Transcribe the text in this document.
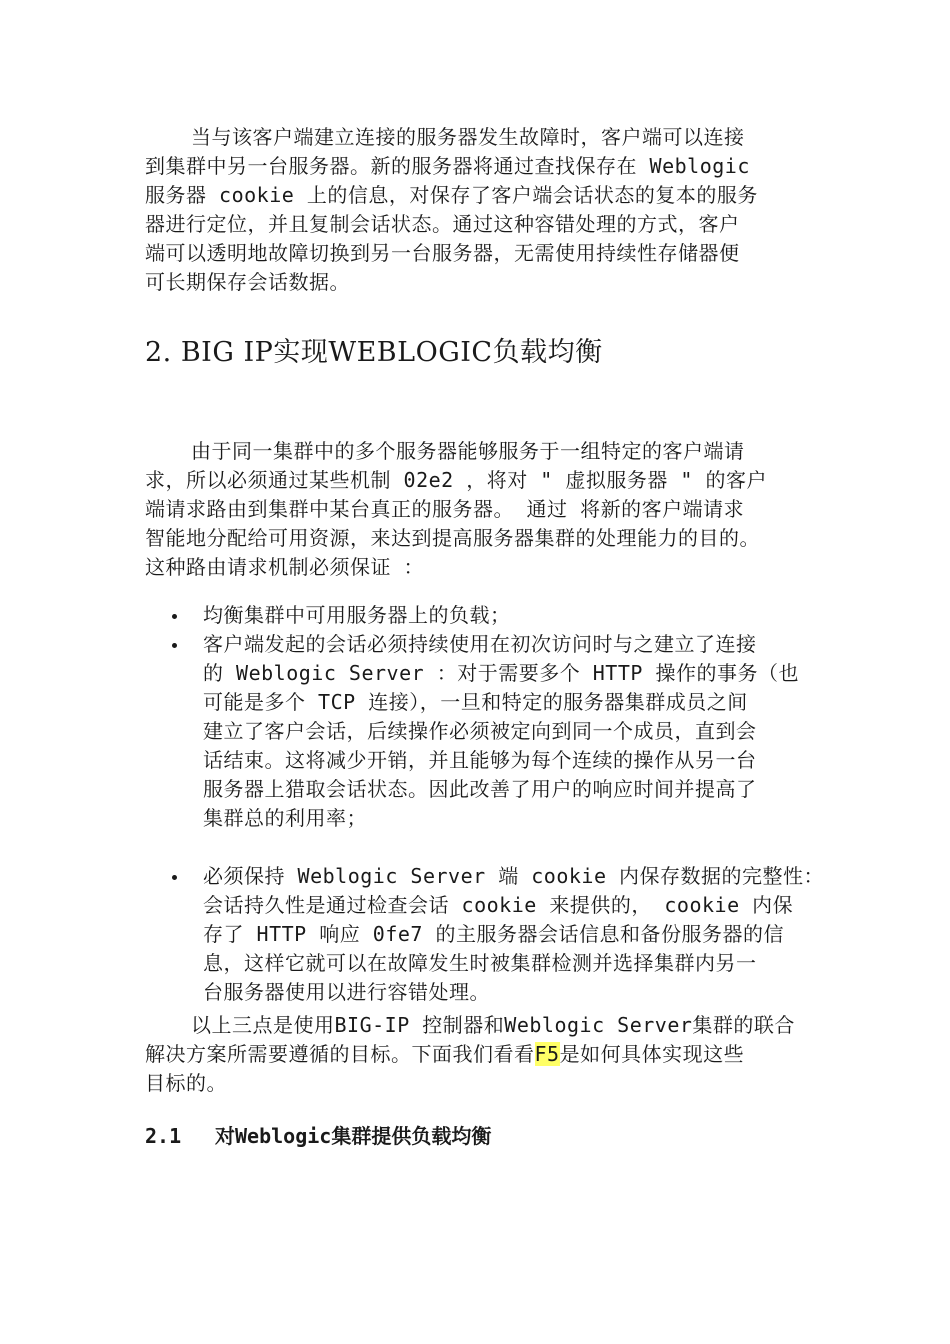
当与该客户端建立连接的服务器发生故障时，客户端可以连接
到集群中另一台服务器。新的服务器将通过查找保存在 Weblogic
服务器 cookie 上的信息，对保存了客户端会话状态的复本的服务
器进行定位，并且复制会话状态。通过这种容错处理的方式，客户
端可以透明地故障切换到另一台服务器，无需使用持续性存储器便
可长期保存会话数据。
2. BIG IP实现WEBLOGIC负载均衡
由于同一集群中的多个服务器能够服务于一组特定的客户端请
求，所以必须通过某些机制 02e2 ，将对 " 虚拟服务器 " 的客户
端请求路由到集群中某台真正的服务器。 通过 将新的客户端请求
智能地分配给可用资源，来达到提高服务器集群的处理能力的目的。
这种路由请求机制必须保证 ：
均衡集群中可用服务器上的负载；
客户端发起的会话必须持续使用在初次访问时与之建立了连接
的 Weblogic Server ：对于需要多个 HTTP 操作的事务（也
可能是多个 TCP 连接），一旦和特定的服务器集群成员之间
建立了客户会话，后续操作必须被定向到同一个成员，直到会
话结束。这将减少开销，并且能够为每个连续的操作从另一台
服务器上猎取会话状态。因此改善了用户的响应时间并提高了
集群总的利用率；
必须保持 Weblogic Server 端 cookie 内保存数据的完整性：
会话持久性是通过检查会话 cookie 来提供的， cookie 内保
存了 HTTP 响应 0fe7 的主服务器会话信息和备份服务器的信
息，这样它就可以在故障发生时被集群检测并选择集群内另一
台服务器使用以进行容错处理。
以上三点是使用BIG-IP 控制器和Weblogic Server集群的联合
解决方案所需要遵循的目标。下面我们看看F5是如何具体实现这些
目标的。
2.1 对Weblogic集群提供负载均衡
